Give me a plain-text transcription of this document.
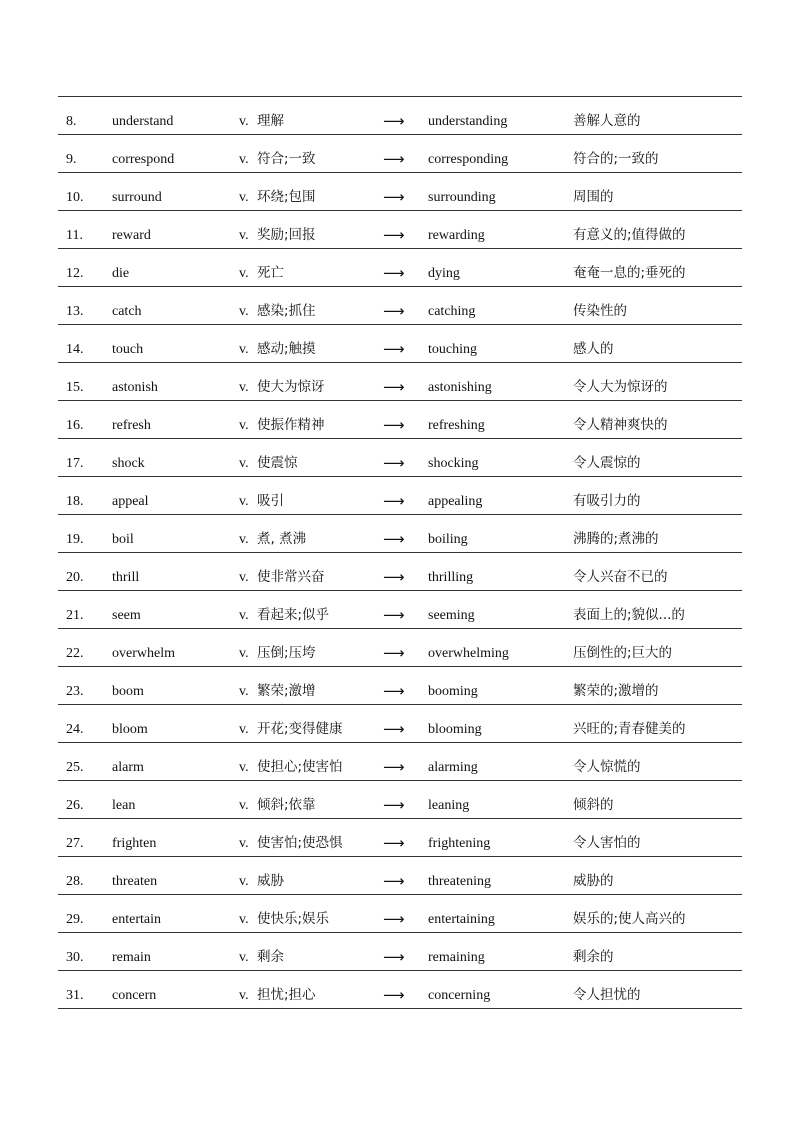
8.	understand	v. 理解	⟶ understanding	善解人意的
9.	correspond	v. 符合;一致	⟶ corresponding	符合的;一致的
10. surround	v. 环绕;包围	⟶ surrounding	周围的
11. reward	v. 奖励;回报	⟶ rewarding	有意义的;值得做的
12. die	v. 死亡	⟶ dying	奄奄一息的;垂死的
13. catch	v. 感染;抓住	⟶ catching	传染性的
14. touch	v. 感动;触摸	⟶ touching	感人的
15. astonish	v. 使大为惊讶	⟶ astonishing	令人大为惊讶的
16. refresh	v. 使振作精神	⟶ refreshing	令人精神爽快的
17. shock	v. 使震惊	⟶ shocking	令人震惊的
18. appeal	v. 吸引	⟶ appealing	有吸引力的
19. boil	v. 煮, 煮沸	⟶ boiling	沸腾的;煮沸的
20. thrill	v. 使非常兴奋	⟶ thrilling	令人兴奋不已的
21. seem	v. 看起来;似乎	⟶ seeming	表面上的;貌似...的
22. overwhelm	v. 压倒;压垮	⟶ overwhelming	压倒性的;巨大的
23. boom	v. 繁荣;激增	⟶ booming	繁荣的;激增的
24. bloom	v. 开花;变得健康	⟶ blooming	兴旺的;青春健美的
25. alarm	v. 使担心;使害怕	⟶ alarming	令人惊慌的
26. lean	v. 倾斜;依靠	⟶ leaning	倾斜的
27. frighten	v. 使害怕;使恐惧	⟶ frightening	令人害怕的
28. threaten	v. 威胁	⟶ threatening	威胁的
29. entertain	v. 使快乐;娱乐	⟶ entertaining	娱乐的;使人高兴的
30. remain	v. 剩余	⟶ remaining	剩余的
31. concern	v. 担忧;担心	⟶ concerning	令人担忧的
